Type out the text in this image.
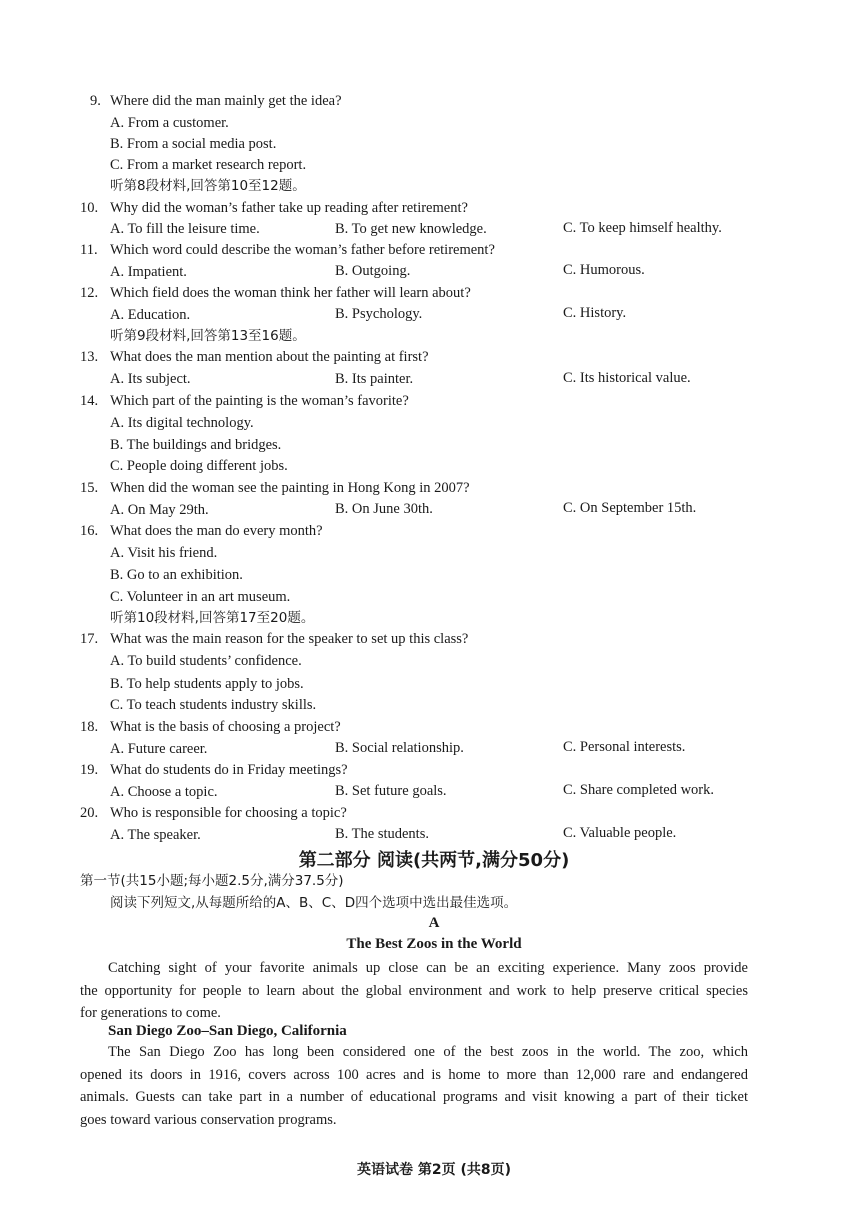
9. Where did the man mainly get the idea?
A. From a customer.
B. From a social media post.
C. From a market research report.
听第8段材料,回答第10至12题。
10. Why did the woman’s father take up reading after retirement?
A. To fill the leisure time.	B. To get new knowledge.	C. To keep himself healthy.
11. Which word could describe the woman’s father before retirement?
A. Impatient.	B. Outgoing.	C. Humorous.
12. Which field does the woman think her father will learn about?
A. Education.	B. Psychology.	C. History.
听第9段材料,回答第13至16题。
13. What does the man mention about the painting at first?
A. Its subject.	B. Its painter.	C. Its historical value.
14. Which part of the painting is the woman’s favorite?
A. Its digital technology.
B. The buildings and bridges.
C. People doing different jobs.
15. When did the woman see the painting in Hong Kong in 2007?
A. On May 29th.	B. On June 30th.	C. On September 15th.
16. What does the man do every month?
A. Visit his friend.
B. Go to an exhibition.
C. Volunteer in an art museum.
听第10段材料,回答第17至20题。
17. What was the main reason for the speaker to set up this class?
A. To build students’ confidence.
B. To help students apply to jobs.
C. To teach students industry skills.
18. What is the basis of choosing a project?
A. Future career.	B. Social relationship.	C. Personal interests.
19. What do students do in Friday meetings?
A. Choose a topic.	B. Set future goals.	C. Share completed work.
20. Who is responsible for choosing a topic?
A. The speaker.	B. The students.	C. Valuable people.
第二部分 阅读(共两节,满分50分)
第一节(共15小题;每小题2.5分,满分37.5分)
阅读下列短文,从每题所给的A、B、C、D四个选项中选出最佳选项。
A
The Best Zoos in the World
Catching sight of your favorite animals up close can be an exciting experience. Many zoos provide
the opportunity for people to learn about the global environment and work to help preserve critical species
for generations to come.
San Diego Zoo–San Diego, California
The San Diego Zoo has long been considered one of the best zoos in the world. The zoo, which
opened its doors in 1916, covers across 100 acres and is home to more than 12,000 rare and endangered
animals. Guests can take part in a number of educational programs and visit knowing a part of their ticket
goes toward various conservation programs.
英语试卷 第2页 (共8页)
